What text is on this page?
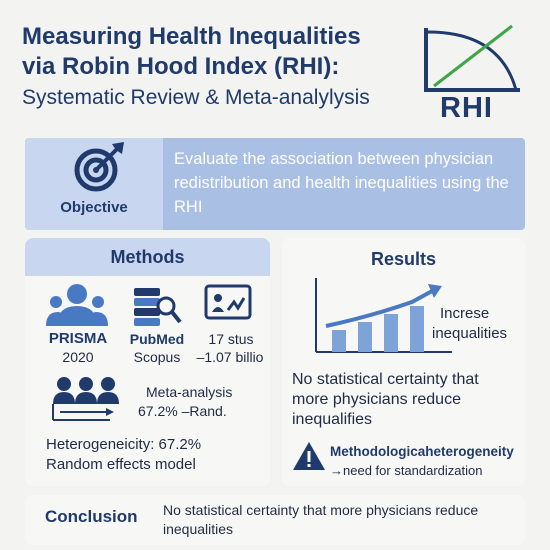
Measuring Health Inequalities
via Robin Hood Index (RHI):
Systematic Review & Meta-analylysis RHI
Objective
Evaluate the association between physician redistribution and health inequalities using the RHI
Methods
PRISMA
2020
PubMed
Scopus
17 stus
–1.07 billio
Meta-analysis
67.2% –Rand.
Heterogeneicity: 67.2%
Random effects model
Results
Increse
inequalities
No statistical certainty that
more physicians reduce
inequalifies
Methodologicaheterogeneity
→need for standardization
Conclusion No statistical certainty that more physicians reduce inequalities
